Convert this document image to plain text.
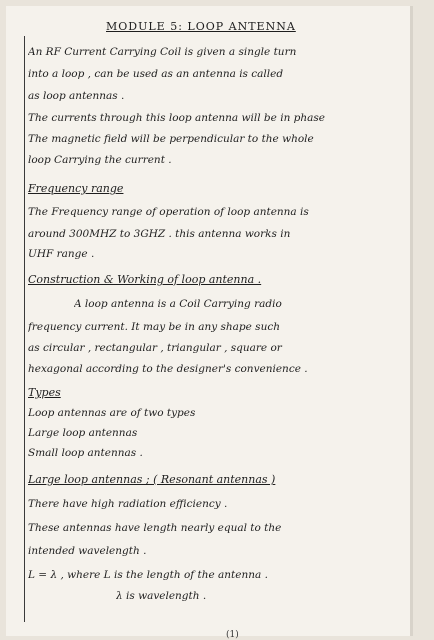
MODULE 5: LOOP ANTENNA
An RF Current Carrying Coil is given a single turn
into a loop , can be used as an antenna is called
as loop antennas .
The currents through this loop antenna will be in phase
The magnetic field will be perpendicular to the whole
loop Carrying the current .
Frequency range
The Frequency range of operation of loop antenna is
around 300MHZ to 3GHZ . this antenna works in
UHF range .
Construction & Working of loop antenna .
A loop antenna is a Coil Carrying radio
frequency current. It may be in any shape such
as circular , rectangular , triangular , square or
hexagonal according to the designer's convenience .
Types
Loop antennas are of two types
Large loop antennas
Small loop antennas .
Large loop antennas ; ( Resonant antennas )
There have high radiation efficiency .
These antennas have length nearly equal to the
intended wavelength .
L = λ , where L is the length of the antenna .
λ is wavelength .
(1)
